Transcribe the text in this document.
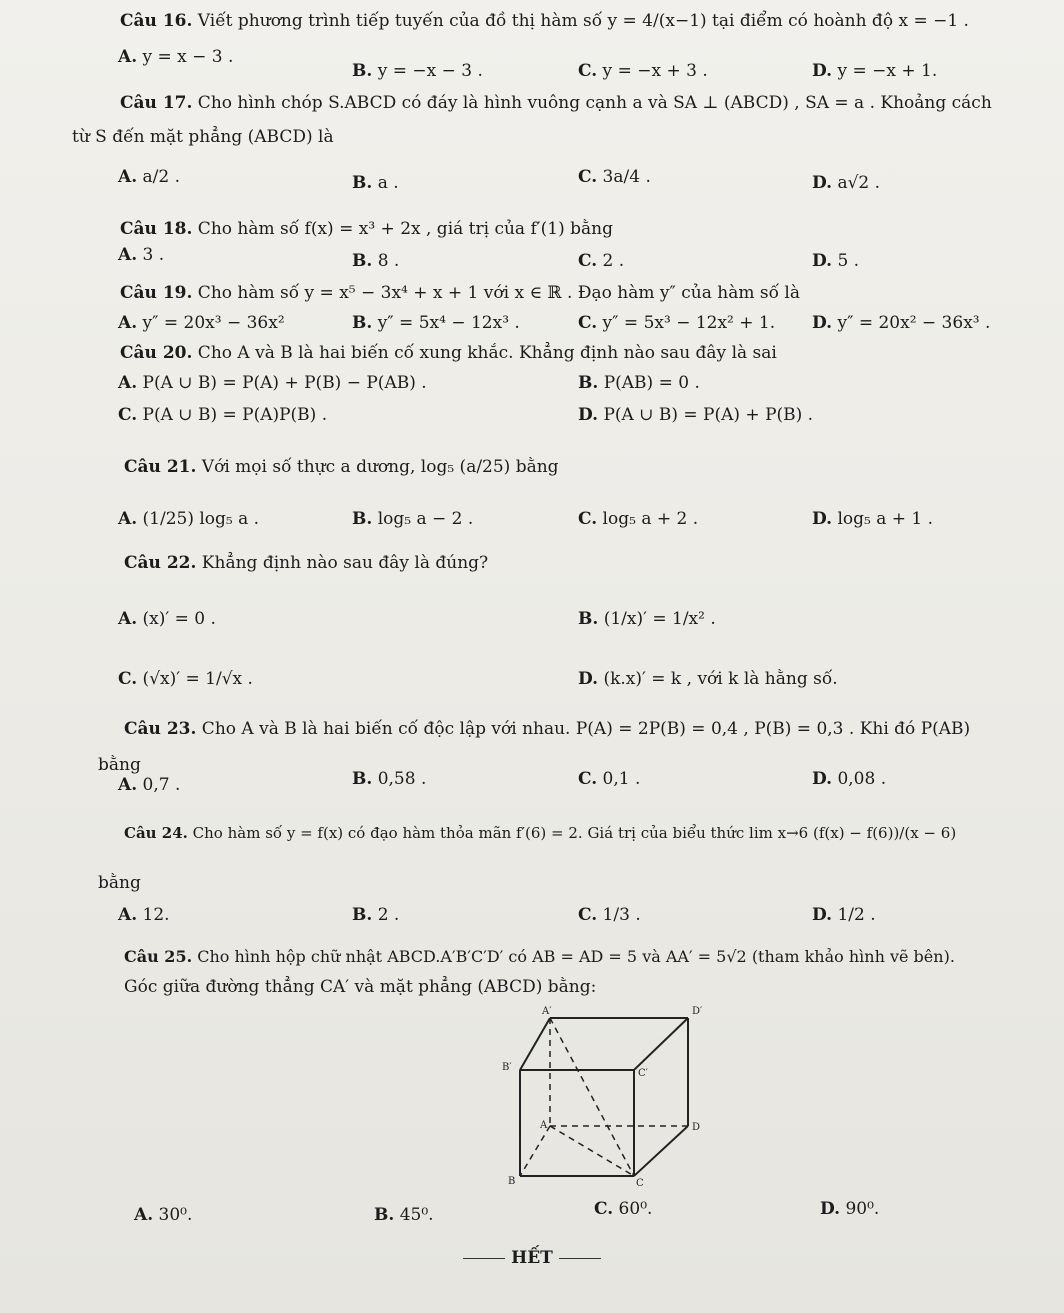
Câu 16. Viết phương trình tiếp tuyến của đồ thị hàm số y = 4/(x−1) tại điểm có hoành độ x = −1 .
A. y = x − 3 .
B. y = −x − 3 .	C. y = −x + 3 .	D. y = −x + 1.
Câu 17. Cho hình chóp S.ABCD có đáy là hình vuông cạnh a và SA ⊥ (ABCD) , SA = a . Khoảng cách
từ S đến mặt phẳng (ABCD) là
A. a/2 .	B. a .	C. 3a/4 .	D. a√2 .
Câu 18. Cho hàm số f(x) = x³ + 2x , giá trị của f′(1) bằng
A. 3 .	B. 8 .	C. 2 .	D. 5 .
Câu 19. Cho hàm số y = x⁵ − 3x⁴ + x + 1 với x ∈ ℝ . Đạo hàm y″ của hàm số là
A. y″ = 20x³ − 36x²	B. y″ = 5x⁴ − 12x³ .	C. y″ = 5x³ − 12x² + 1. D. y″ = 20x² − 36x³ .
Câu 20. Cho A và B là hai biến cố xung khắc. Khẳng định nào sau đây là sai
A. P(A ∪ B) = P(A) + P(B) − P(AB) .	B. P(AB) = 0 .
C. P(A ∪ B) = P(A)P(B) .	D. P(A ∪ B) = P(A) + P(B) .
Câu 21. Với mọi số thực a dương, log₅ (a/25) bằng
A. (1/25) log₅ a .	B. log₅ a − 2 .	C. log₅ a + 2 .	D. log₅ a + 1 .
Câu 22. Khẳng định nào sau đây là đúng?
A. (x)′ = 0 .	B. (1/x)′ = 1/x² .
C. (√x)′ = 1/√x .	D. (k.x)′ = k , với k là hằng số.
Câu 23. Cho A và B là hai biến cố độc lập với nhau. P(A) = 2P(B) = 0,4 , P(B) = 0,3 . Khi đó P(AB)
bằng
A. 0,7 .	B. 0,58 .	C. 0,1 .	D. 0,08 .
Câu 24. Cho hàm số y = f(x) có đạo hàm thỏa mãn f′(6) = 2. Giá trị của biểu thức lim x→6 (f(x) − f(6))/(x − 6)
bằng
A. 12.	B. 2 .	C. 1/3 .	D. 1/2 .
Câu 25. Cho hình hộp chữ nhật ABCD.A′B′C′D′ có AB = AD = 5 và AA′ = 5√2 (tham khảo hình vẽ bên).
Góc giữa đường thẳng CA′ và mặt phẳng (ABCD) bằng:
A′	D′
B′
C′
A	D
B	C
A. 30⁰.	B. 45⁰.	C. 60⁰.	D. 90⁰.
HẾT
